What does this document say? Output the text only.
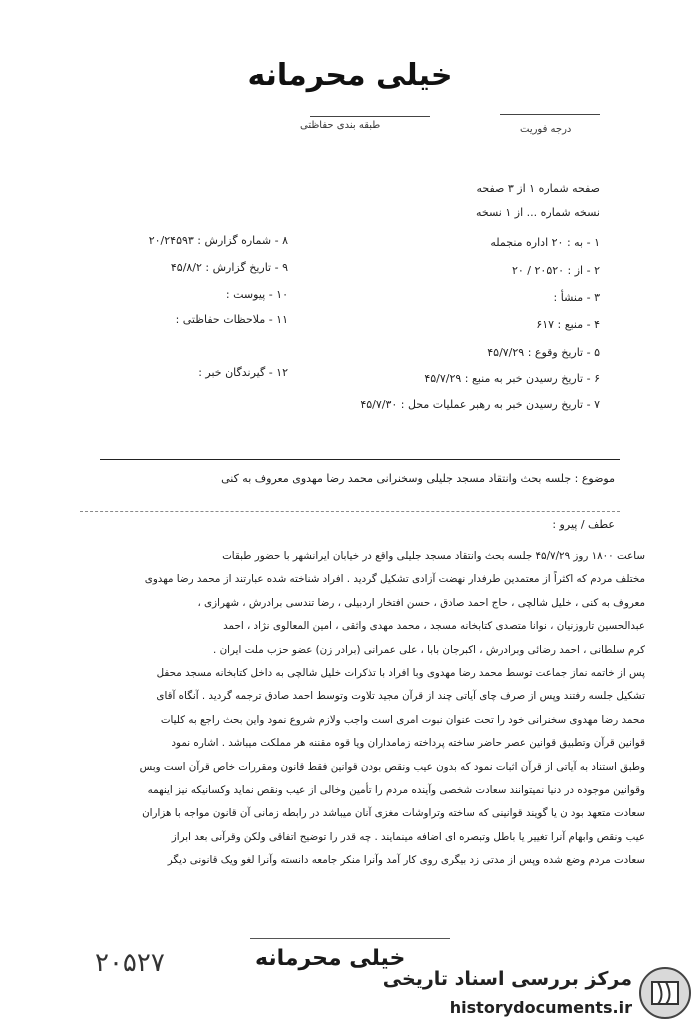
خیلی محرمانه
درجه فوریت
طبقه بندی حفاظتی
صفحه شماره ۱ از ۳ صفحه
نسخه شماره ... از ۱ نسخه
۱ - به : ۲۰ اداره منجمله
۲ - از : ۲۰۵۲۰ / ۲۰
۳ - منشأ :
۴ - منبع : ۶۱۷
۵ - تاریخ وقوع : ۴۵/۷/۲۹
۶ - تاریخ رسیدن خبر به منبع : ۴۵/۷/۲۹
۷ - تاریخ رسیدن خبر به رهبر عملیات محل : ۴۵/۷/۳۰
۸ - شماره گزارش : ۲۰/۲۴۵۹۳
۹ - تاریخ گزارش : ۴۵/۸/۲
۱۰ - پیوست :
۱۱ - ملاحظات حفاظتی :
۱۲ - گیرندگان خبر :
موضوع : جلسه بحث وانتقاد مسجد جلیلی وسخنرانی محمد رضا مهدوی معروف به کنی
عطف / پیرو :
ساعت ۱۸۰۰ روز ۴۵/۷/۲۹ جلسه بحث وانتقاد مسجد جلیلی واقع در خیابان ایرانشهر با حضور طبقات
مختلف مردم که اکثراً از معتمدین طرفدار نهضت آزادی تشکیل گردید . افراد شناخته شده عبارتند از محمد رضا مهدوی
معروف به کنی ، خلیل شالچی ، حاج احمد صادق ، حسن افتخار اردبیلی ، رضا تندسی برادرش ، شهرازی ،
عبدالحسین تاروزنیان ، نوانا متصدی کتابخانه مسجد ، محمد مهدی واثقی ، امین المعالوی نژاد ، احمد
کرم سلطانی ، احمد رضائی وبرادرش ، اکبرجان بابا ، علی عمرانی (برادر زن) عضو حزب ملت ایران .
پس از خاتمه نماز جماعت توسط محمد رضا مهدوی وبا افراد با تذکرات خلیل شالچی به داخل کتابخانه مسجد محفل
تشکیل جلسه رفتند وپس از صرف چای آیاتی چند از قرآن مجید تلاوت وتوسط احمد صادق ترجمه گردید . آنگاه آقای
محمد رضا مهدوی سخنرانی خود را تحت عنوان نبوت امری است واجب ولازم شروع نمود واین بحث راجع به کلیات
قوانین قرآن وتطبیق قوانین عصر حاضر ساخته پرداخته زمامداران ویا قوه مقننه هر مملکت میباشد . اشاره نمود
وطبق استناد به آیاتی از قرآن اثبات نمود که بدون عیب ونقص بودن قوانین فقط قانون ومقررات خاص قرآن است وبس
وقوانین موجوده در دنیا نمیتوانند سعادت شخصی وآینده مردم را تأمین وخالی از عیب ونقص نماید وکسانیکه نیز اینهمه
سعادت متعهد بود ن یا گویند قوانینی که ساخته وتراوشات مغزی آنان میباشد در رابطه زمانی آن قانون مواجه با هزاران
عیب ونقص وابهام آنرا تغییر یا باطل وتبصره ای اضافه مینمایند . چه قدر را توضیح اتفاقی ولکن وقرآنی بعد ابراز
سعادت مردم وضع شده وپس از مدتی زد بیگری روی کار آمد وآنرا منکر جامعه دانسته وآنرا لغو ویک قانونی دیگر
خیلی محرمانه
۲۰۵۲۷
مرکز بررسی اسناد تاریخی
historydocuments.ir
